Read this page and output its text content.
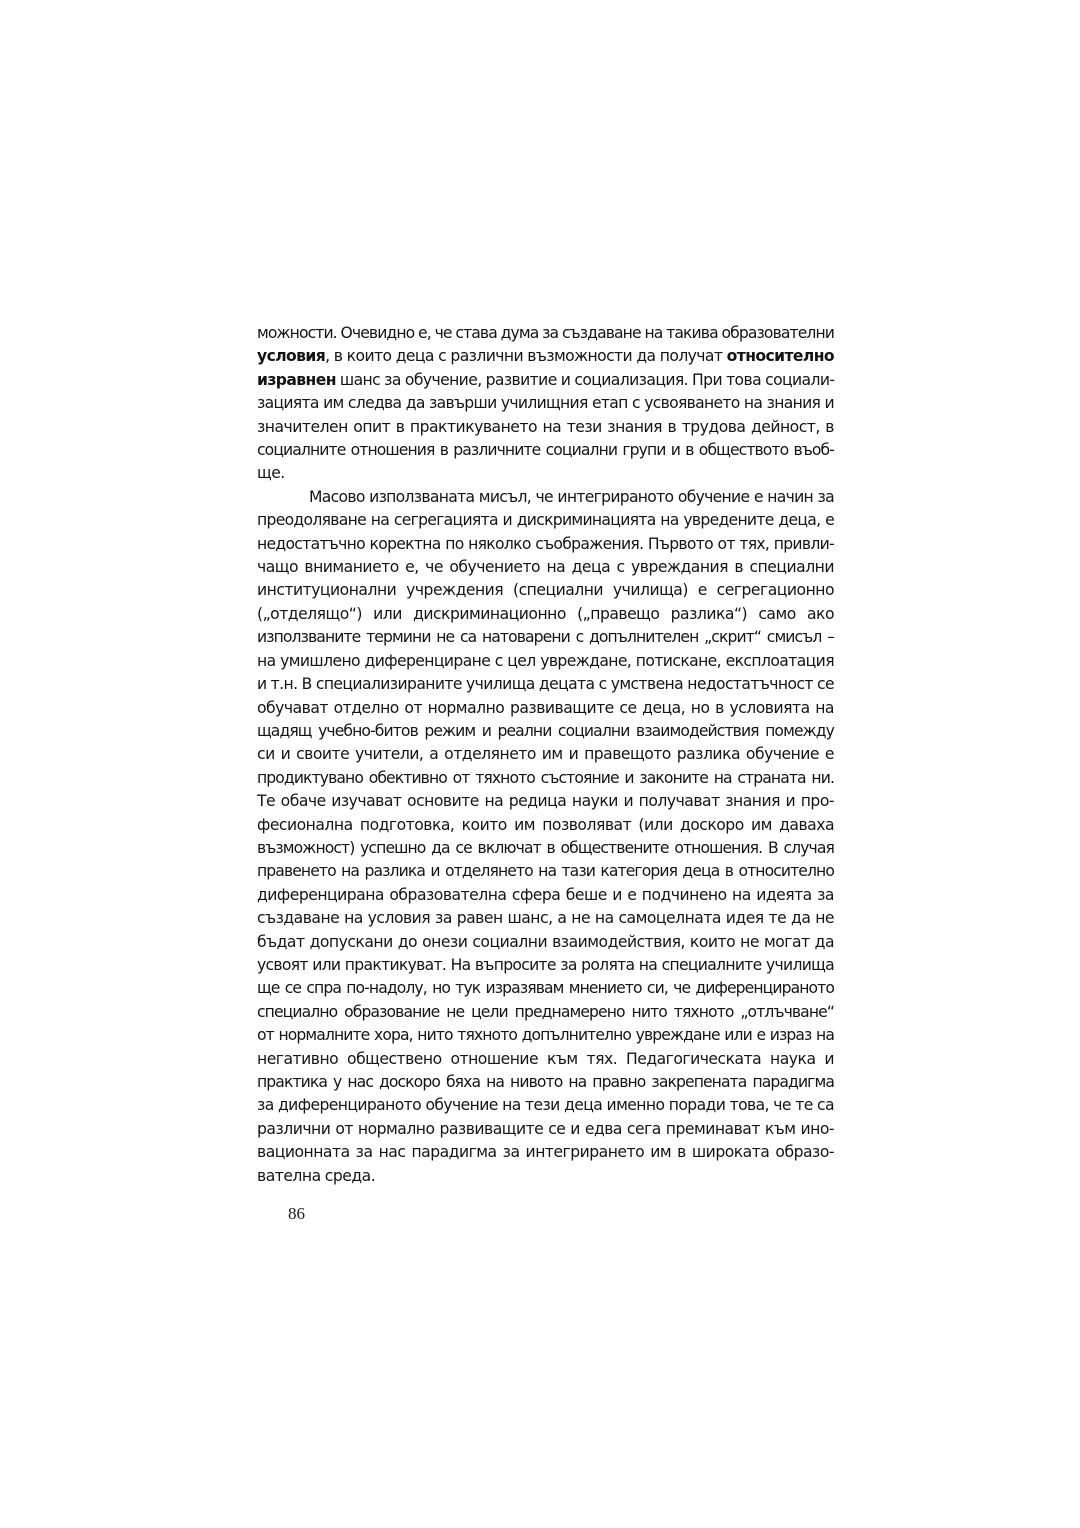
можности. Очевидно е, че става дума за създаване на такива образователни
условия, в които деца с различни възможности да получат относително
изравнен шанс за обучение, развитие и социализация. При това социали-
зацията им следва да завърши училищния етап с усвояването на знания и
значителен опит в практикуването на тези знания в трудова дейност, в
социалните отношения в различните социални групи и в обществото въоб-
ще.
Масово използваната мисъл, че интегрираното обучение е начин за
преодоляване на сегрегацията и дискриминацията на увредените деца, е
недостатъчно коректна по няколко съображения. Първото от тях, привли-
чащо вниманието е, че обучението на деца с увреждания в специални
институционални учреждения (специални училища) е сегрегационно
(„отделящо“) или дискриминационно („правещо разлика“) само ако
използваните термини не са натоварени с допълнителен „скрит“ смисъл –
на умишлено диференциране с цел увреждане, потискане, експлоатация
и т.н. В специализираните училища децата с умствена недостатъчност се
обучават отделно от нормално развиващите се деца, но в условията на
щадящ учебно-битов режим и реални социални взаимодействия помежду
си и своите учители, а отделянето им и правещото разлика обучение е
продиктувано обективно от тяхното състояние и законите на страната ни.
Те обаче изучават основите на редица науки и получават знания и про-
фесионална подготовка, които им позволяват (или доскоро им даваха
възможност) успешно да се включат в обществените отношения. В случая
правенето на разлика и отделянето на тази категория деца в относително
диференцирана образователна сфера беше и е подчинено на идеята за
създаване на условия за равен шанс, а не на самоцелната идея те да не
бъдат допускани до онези социални взаимодействия, които не могат да
усвоят или практикуват. На въпросите за ролята на специалните училища
ще се спра по-надолу, но тук изразявам мнението си, че диференцираното
специално образование не цели преднамерено нито тяхното „отлъчване“
от нормалните хора, нито тяхното допълнително увреждане или е израз на
негативно обществено отношение към тях. Педагогическата наука и
практика у нас доскоро бяха на нивото на правно закрепената парадигма
за диференцираното обучение на тези деца именно поради това, че те са
различни от нормално развиващите се и едва сега преминават към ино-
вационната за нас парадигма за интегрирането им в широката образо-
вателна среда.
86
